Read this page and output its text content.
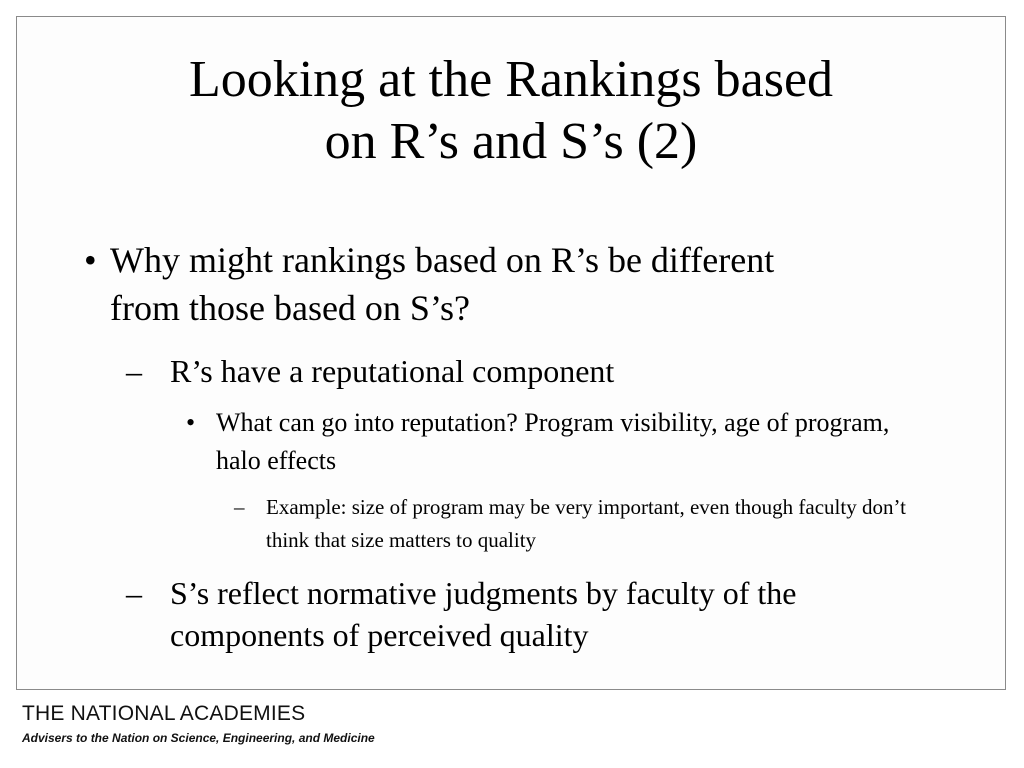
Looking at the Rankings based
on R’s and S’s (2)
• Why might rankings based on R’s be different from those based on S’s?
– R’s have a reputational component
• What can go into reputation? Program visibility, age of program, halo effects
–	Example: size of program may be very important, even though faculty don’t think that size matters to quality
– S’s reflect normative judgments by faculty of the components of perceived quality
THE NATIONAL ACADEMIES
Advisers to the Nation on Science, Engineering, and Medicine
